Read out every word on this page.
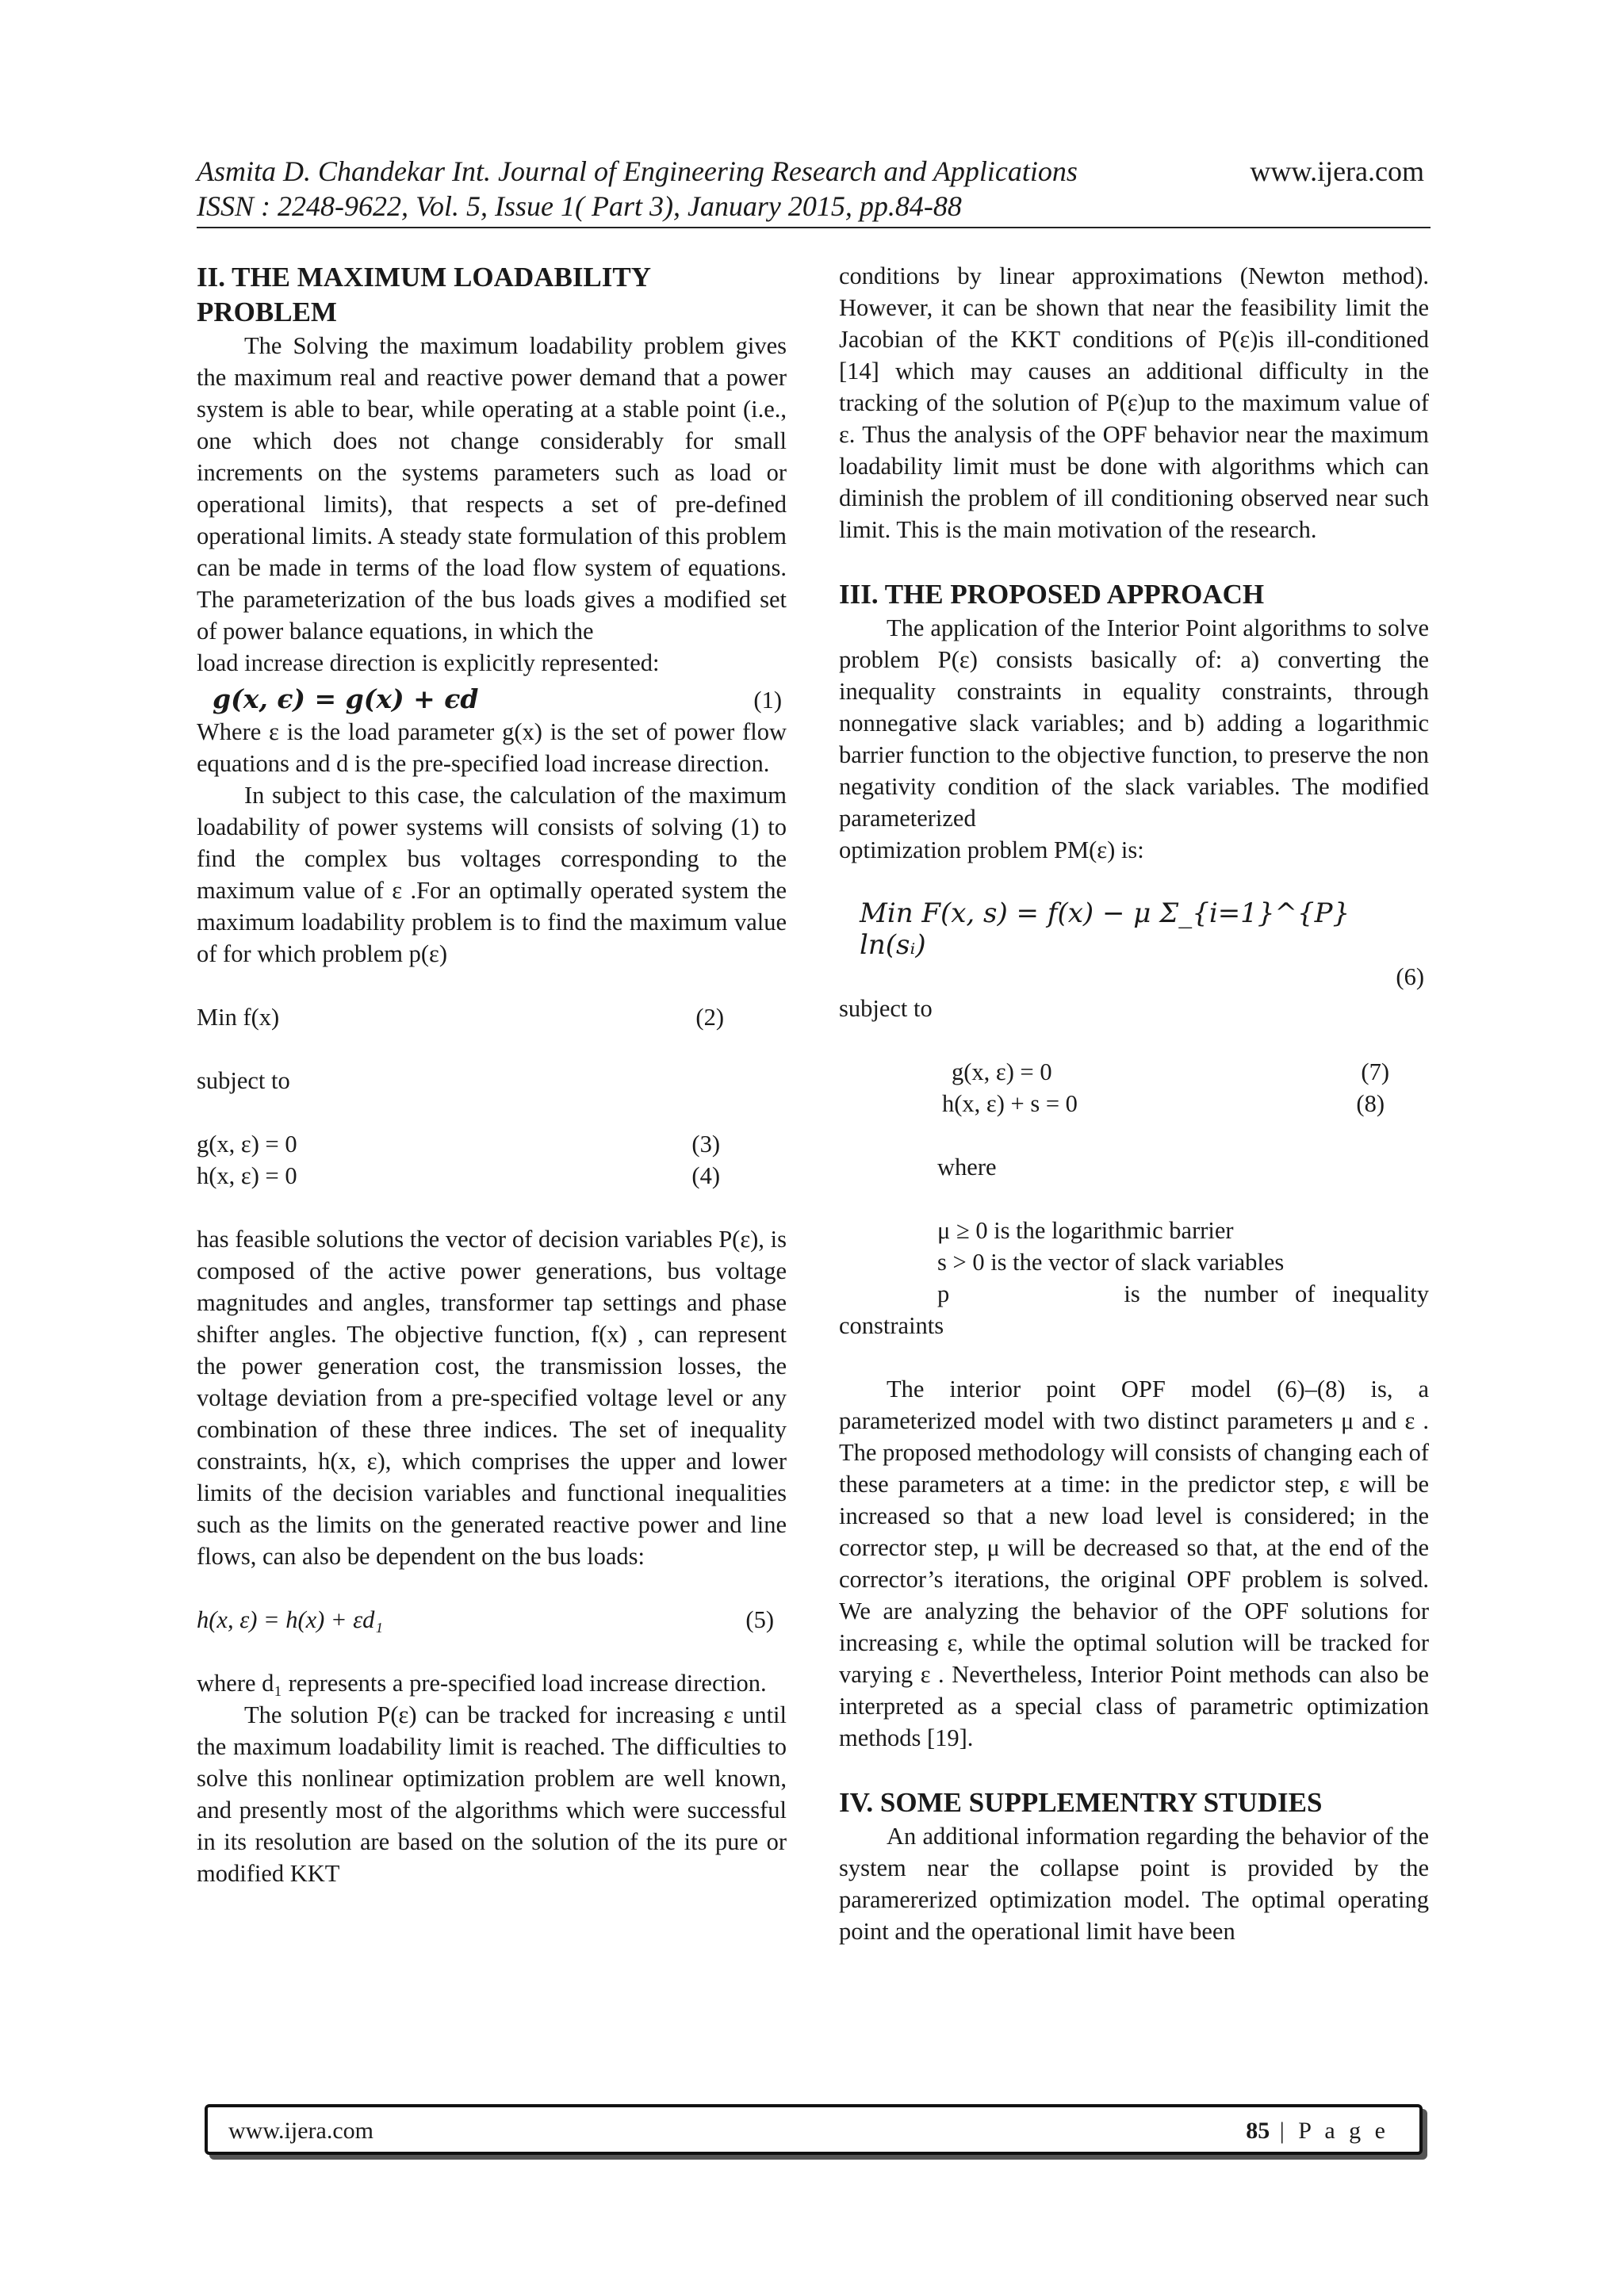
Asmita D. Chandekar Int. Journal of Engineering Research and Applications
ISSN : 2248-9622, Vol. 5, Issue 1( Part 3), January 2015, pp.84-88
www.ijera.com

II. THE MAXIMUM LOADABILITY

PROBLEM

The Solving the maximum loadability problem gives the maximum real and reactive power demand that a power system is able to bear, while operating at a stable point (i.e., one which does not change considerably for small increments on the systems parameters such as load or operational limits), that respects a set of pre-defined operational limits. A steady state formulation of this problem can be made in terms of the load flow system of equations. The parameterization of the bus loads gives a modified set of power balance equations, in which the

load increase direction is explicitly represented:

g(x, ϵ) = g(x) + ϵd	(1)

Where ε is the load parameter g(x) is the set of power flow equations and d is the pre-specified load increase direction.

In subject to this case, the calculation of the maximum loadability of power systems will consists of solving (1) to find the complex bus voltages corresponding to the maximum value of ε .For an optimally operated system the maximum loadability problem is to find the maximum value of for which problem p(ε)

Min f(x)	(2)

subject to

g(x, ε) = 0	(3)
h(x, ε) = 0	(4)

has feasible solutions the vector of decision variables P(ε), is composed of the active power generations, bus voltage magnitudes and angles, transformer tap settings and phase shifter angles. The objective function, f(x) , can represent the power generation cost, the transmission losses, the voltage deviation from a pre-specified voltage level or any combination of these three indices. The set of inequality constraints, h(x, ε), which comprises the upper and lower limits of the decision variables and functional inequalities such as the limits on the generated reactive power and line flows, can also be dependent on the bus loads:

h(x, ε) = h(x) + εd₁	(5)

where d₁ represents a pre-specified load increase direction.

The solution P(ε) can be tracked for increasing ε until the maximum loadability limit is reached. The difficulties to solve this nonlinear optimization problem are well known, and presently most of the algorithms which were successful in its resolution are based on the solution of the its pure or modified KKT

conditions by linear approximations (Newton method). However, it can be shown that near the feasibility limit the Jacobian of the KKT conditions of P(ε)is ill-conditioned [14] which may causes an additional difficulty in the tracking of the solution of P(ε)up to the maximum value of ε. Thus the analysis of the OPF behavior near the maximum loadability limit must be done with algorithms which can diminish the problem of ill conditioning observed near such limit. This is the main motivation of the research.

III. THE PROPOSED APPROACH

The application of the Interior Point algorithms to solve problem P(ε) consists basically of: a) converting the inequality constraints in equality constraints, through nonnegative slack variables; and b) adding a logarithmic barrier function to the objective function, to preserve the non negativity condition of the slack variables. The modified parameterized

optimization problem PM(ε) is:

Min F(x, s) = f(x) − μ Σ_{i=1}^{P} ln(sᵢ)
(6)

subject to

g(x, ε) = 0	(7)
h(x, ε) + s = 0	(8)

where

μ ≥ 0 is the logarithmic barrier

s > 0 is the vector of slack variables

p	is the number of inequality

constraints

The interior point OPF model (6)–(8) is, a parameterized model with two distinct parameters μ and ε . The proposed methodology will consists of changing each of these parameters at a time: in the predictor step, ε will be increased so that a new load level is considered; in the corrector step, μ will be decreased so that, at the end of the corrector’s iterations, the original OPF problem is solved. We are analyzing the behavior of the OPF solutions for increasing ε, while the optimal solution will be tracked for varying ε . Nevertheless, Interior Point methods can also be interpreted as a special class of parametric optimization methods [19].

IV. SOME SUPPLEMENTRY STUDIES

An additional information regarding the behavior of the system near the collapse point is provided by the paramererized optimization model. The optimal operating point and the operational limit have been

www.ijera.com	85 | P a g e
